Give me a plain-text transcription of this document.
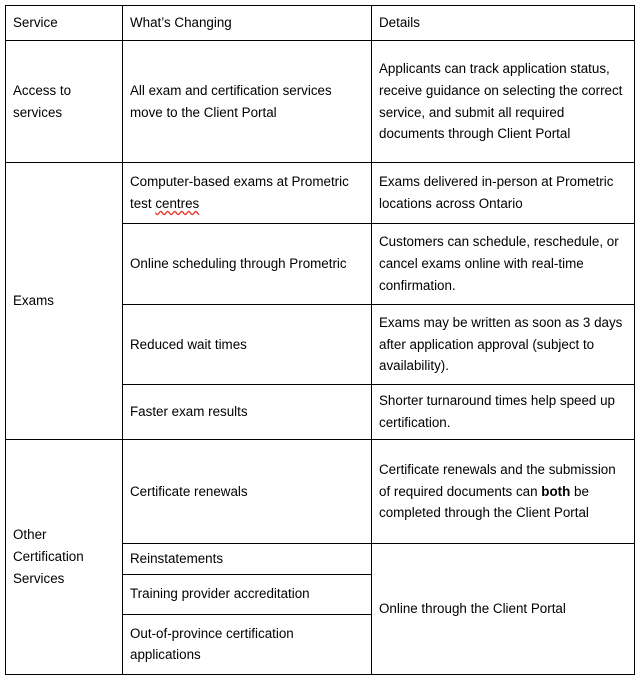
Service	What’s Changing	Details
Access to services	All exam and certification services move to the Client Portal	Applicants can track application status, receive guidance on selecting the correct service, and submit all required documents through Client Portal
Exams	Computer-based exams at Prometric test centres	Exams delivered in-person at Prometric locations across Ontario
	Online scheduling through Prometric	Customers can schedule, reschedule, or cancel exams online with real-time confirmation.
	Reduced wait times	Exams may be written as soon as 3 days after application approval (subject to availability).
	Faster exam results	Shorter turnaround times help speed up certification.
Other Certification Services	Certificate renewals	Certificate renewals and the submission of required documents can both be completed through the Client Portal
	Reinstatements	Online through the Client Portal
	Training provider accreditation	
	Out-of-province certification applications	
